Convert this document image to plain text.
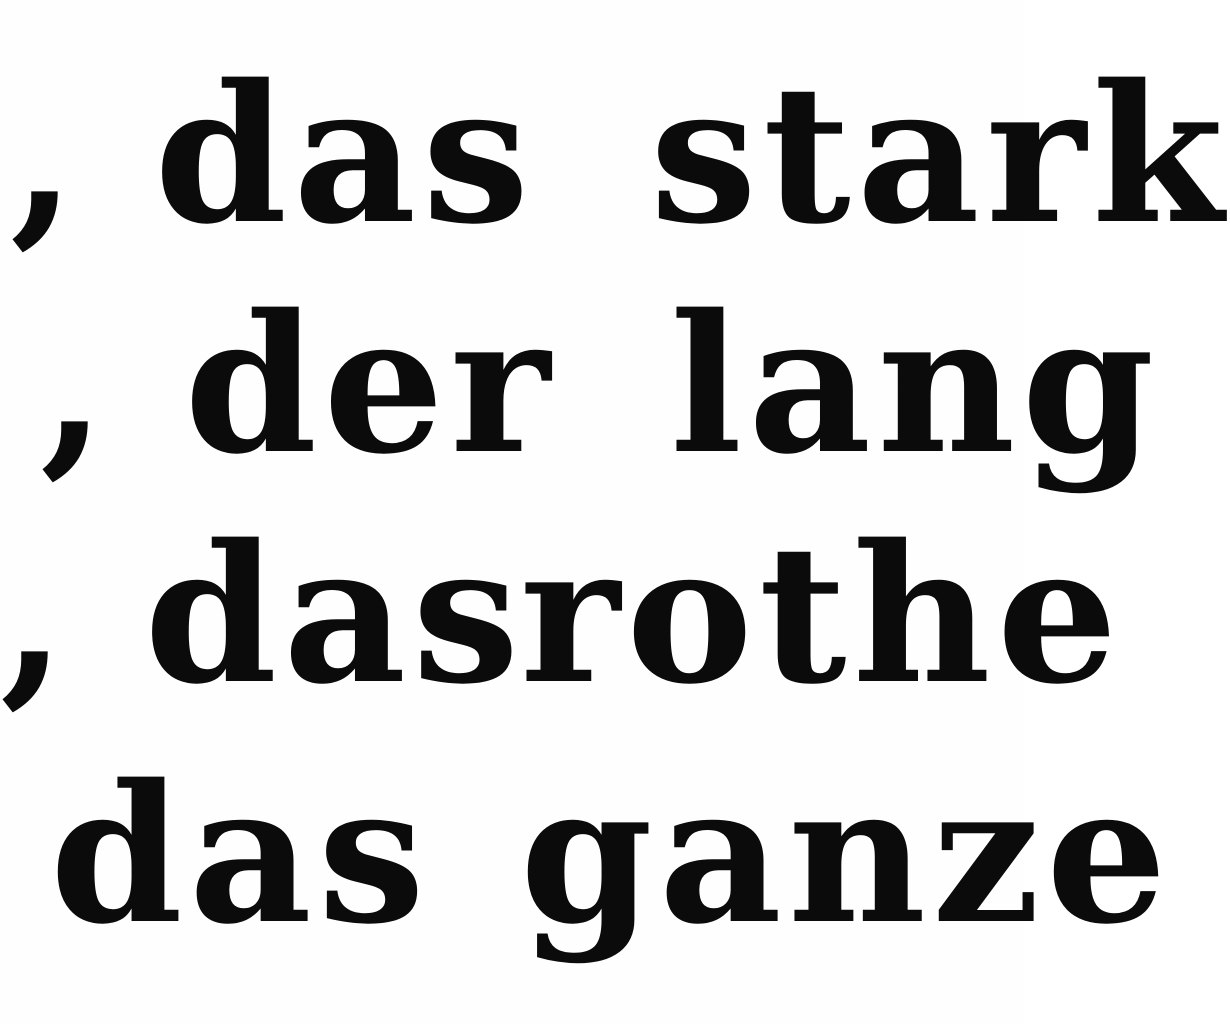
, das stark
, der lang
, das
rothe
das ganze
